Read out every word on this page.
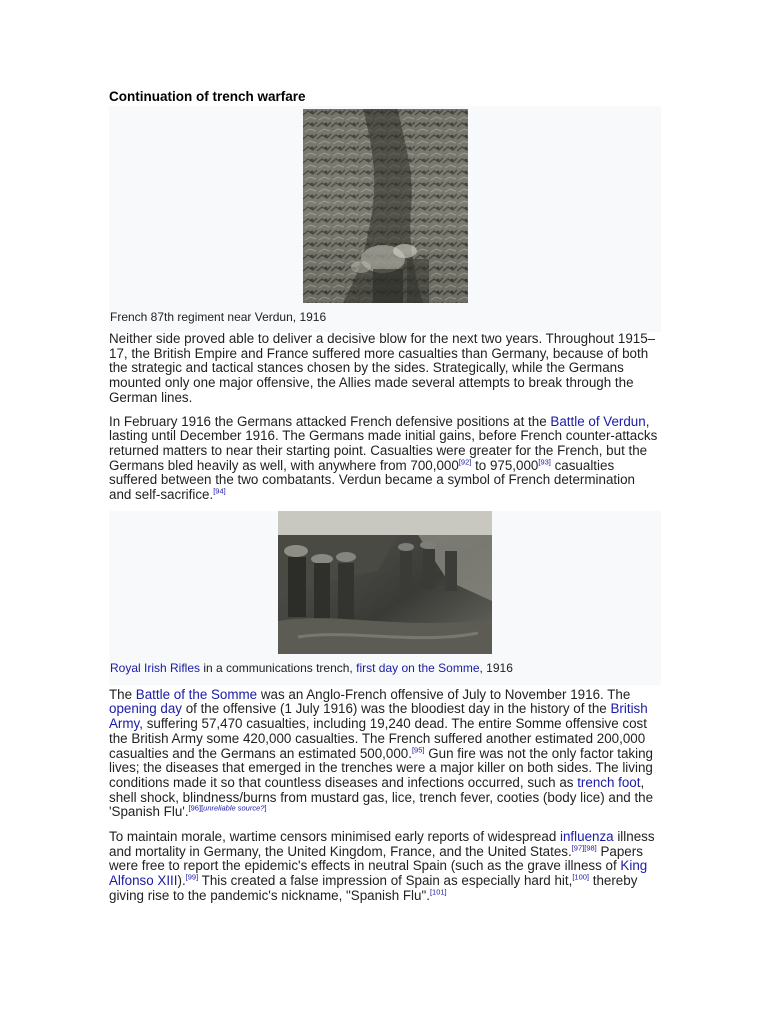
Continuation of trench warfare
French 87th regiment near Verdun, 1916

Neither side proved able to deliver a decisive blow for the next two years. Throughout 1915–17, the British Empire and France suffered more casualties than Germany, because of both the strategic and tactical stances chosen by the sides. Strategically, while the Germans mounted only one major offensive, the Allies made several attempts to break through the German lines.

In February 1916 the Germans attacked French defensive positions at the Battle of Verdun, lasting until December 1916. The Germans made initial gains, before French counter-attacks returned matters to near their starting point. Casualties were greater for the French, but the Germans bled heavily as well, with anywhere from 700,000[92] to 975,000[93] casualties suffered between the two combatants. Verdun became a symbol of French determination and self-sacrifice.[94]

Royal Irish Rifles in a communications trench, first day on the Somme, 1916

The Battle of the Somme was an Anglo-French offensive of July to November 1916. The opening day of the offensive (1 July 1916) was the bloodiest day in the history of the British Army, suffering 57,470 casualties, including 19,240 dead. The entire Somme offensive cost the British Army some 420,000 casualties. The French suffered another estimated 200,000 casualties and the Germans an estimated 500,000.[95] Gun fire was not the only factor taking lives; the diseases that emerged in the trenches were a major killer on both sides. The living conditions made it so that countless diseases and infections occurred, such as trench foot, shell shock, blindness/burns from mustard gas, lice, trench fever, cooties (body lice) and the 'Spanish Flu'.[96][unreliable source?]

To maintain morale, wartime censors minimised early reports of widespread influenza illness and mortality in Germany, the United Kingdom, France, and the United States.[97][98] Papers were free to report the epidemic's effects in neutral Spain (such as the grave illness of King Alfonso XIII).[99] This created a false impression of Spain as especially hard hit,[100] thereby giving rise to the pandemic's nickname, "Spanish Flu".[101]
